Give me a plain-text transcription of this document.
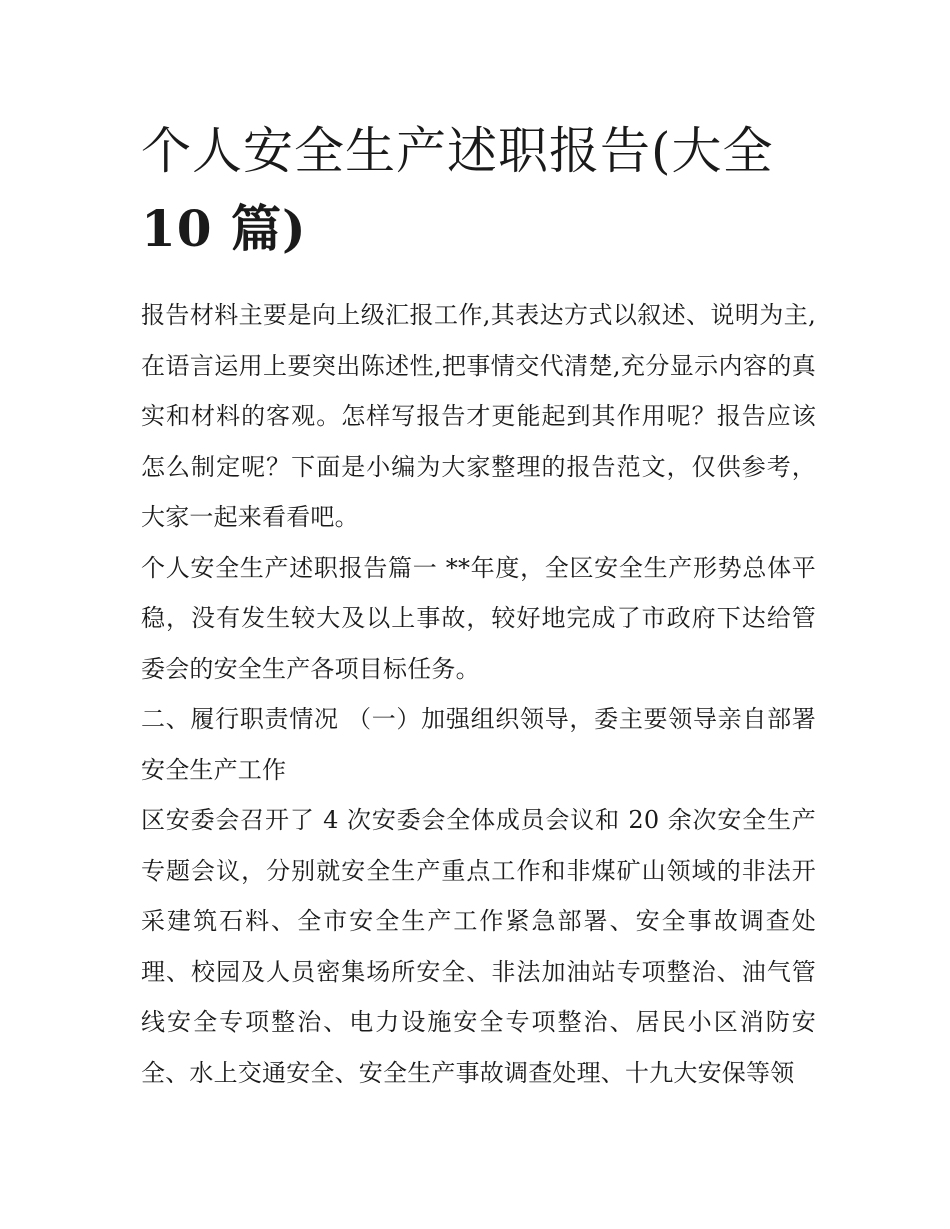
个人安全生产述职报告(大全
10 篇)

报告材料主要是向上级汇报工作,其表达方式以叙述、说明为主,在语言运用上要突出陈述性,把事情交代清楚,充分显示内容的真实和材料的客观。怎样写报告才更能起到其作用呢？报告应该怎么制定呢？下面是小编为大家整理的报告范文，仅供参考，大家一起来看看吧。

个人安全生产述职报告篇一 **年度，全区安全生产形势总体平稳，没有发生较大及以上事故，较好地完成了市政府下达给管委会的安全生产各项目标任务。

二、履行职责情况 （一）加强组织领导，委主要领导亲自部署安全生产工作

区安委会召开了 4 次安委会全体成员会议和 20 余次安全生产专题会议，分别就安全生产重点工作和非煤矿山领域的非法开采建筑石料、全市安全生产工作紧急部署、安全事故调查处理、校园及人员密集场所安全、非法加油站专项整治、油气管线安全专项整治、电力设施安全专项整治、居民小区消防安全、水上交通安全、安全生产事故调查处理、十九大安保等领
